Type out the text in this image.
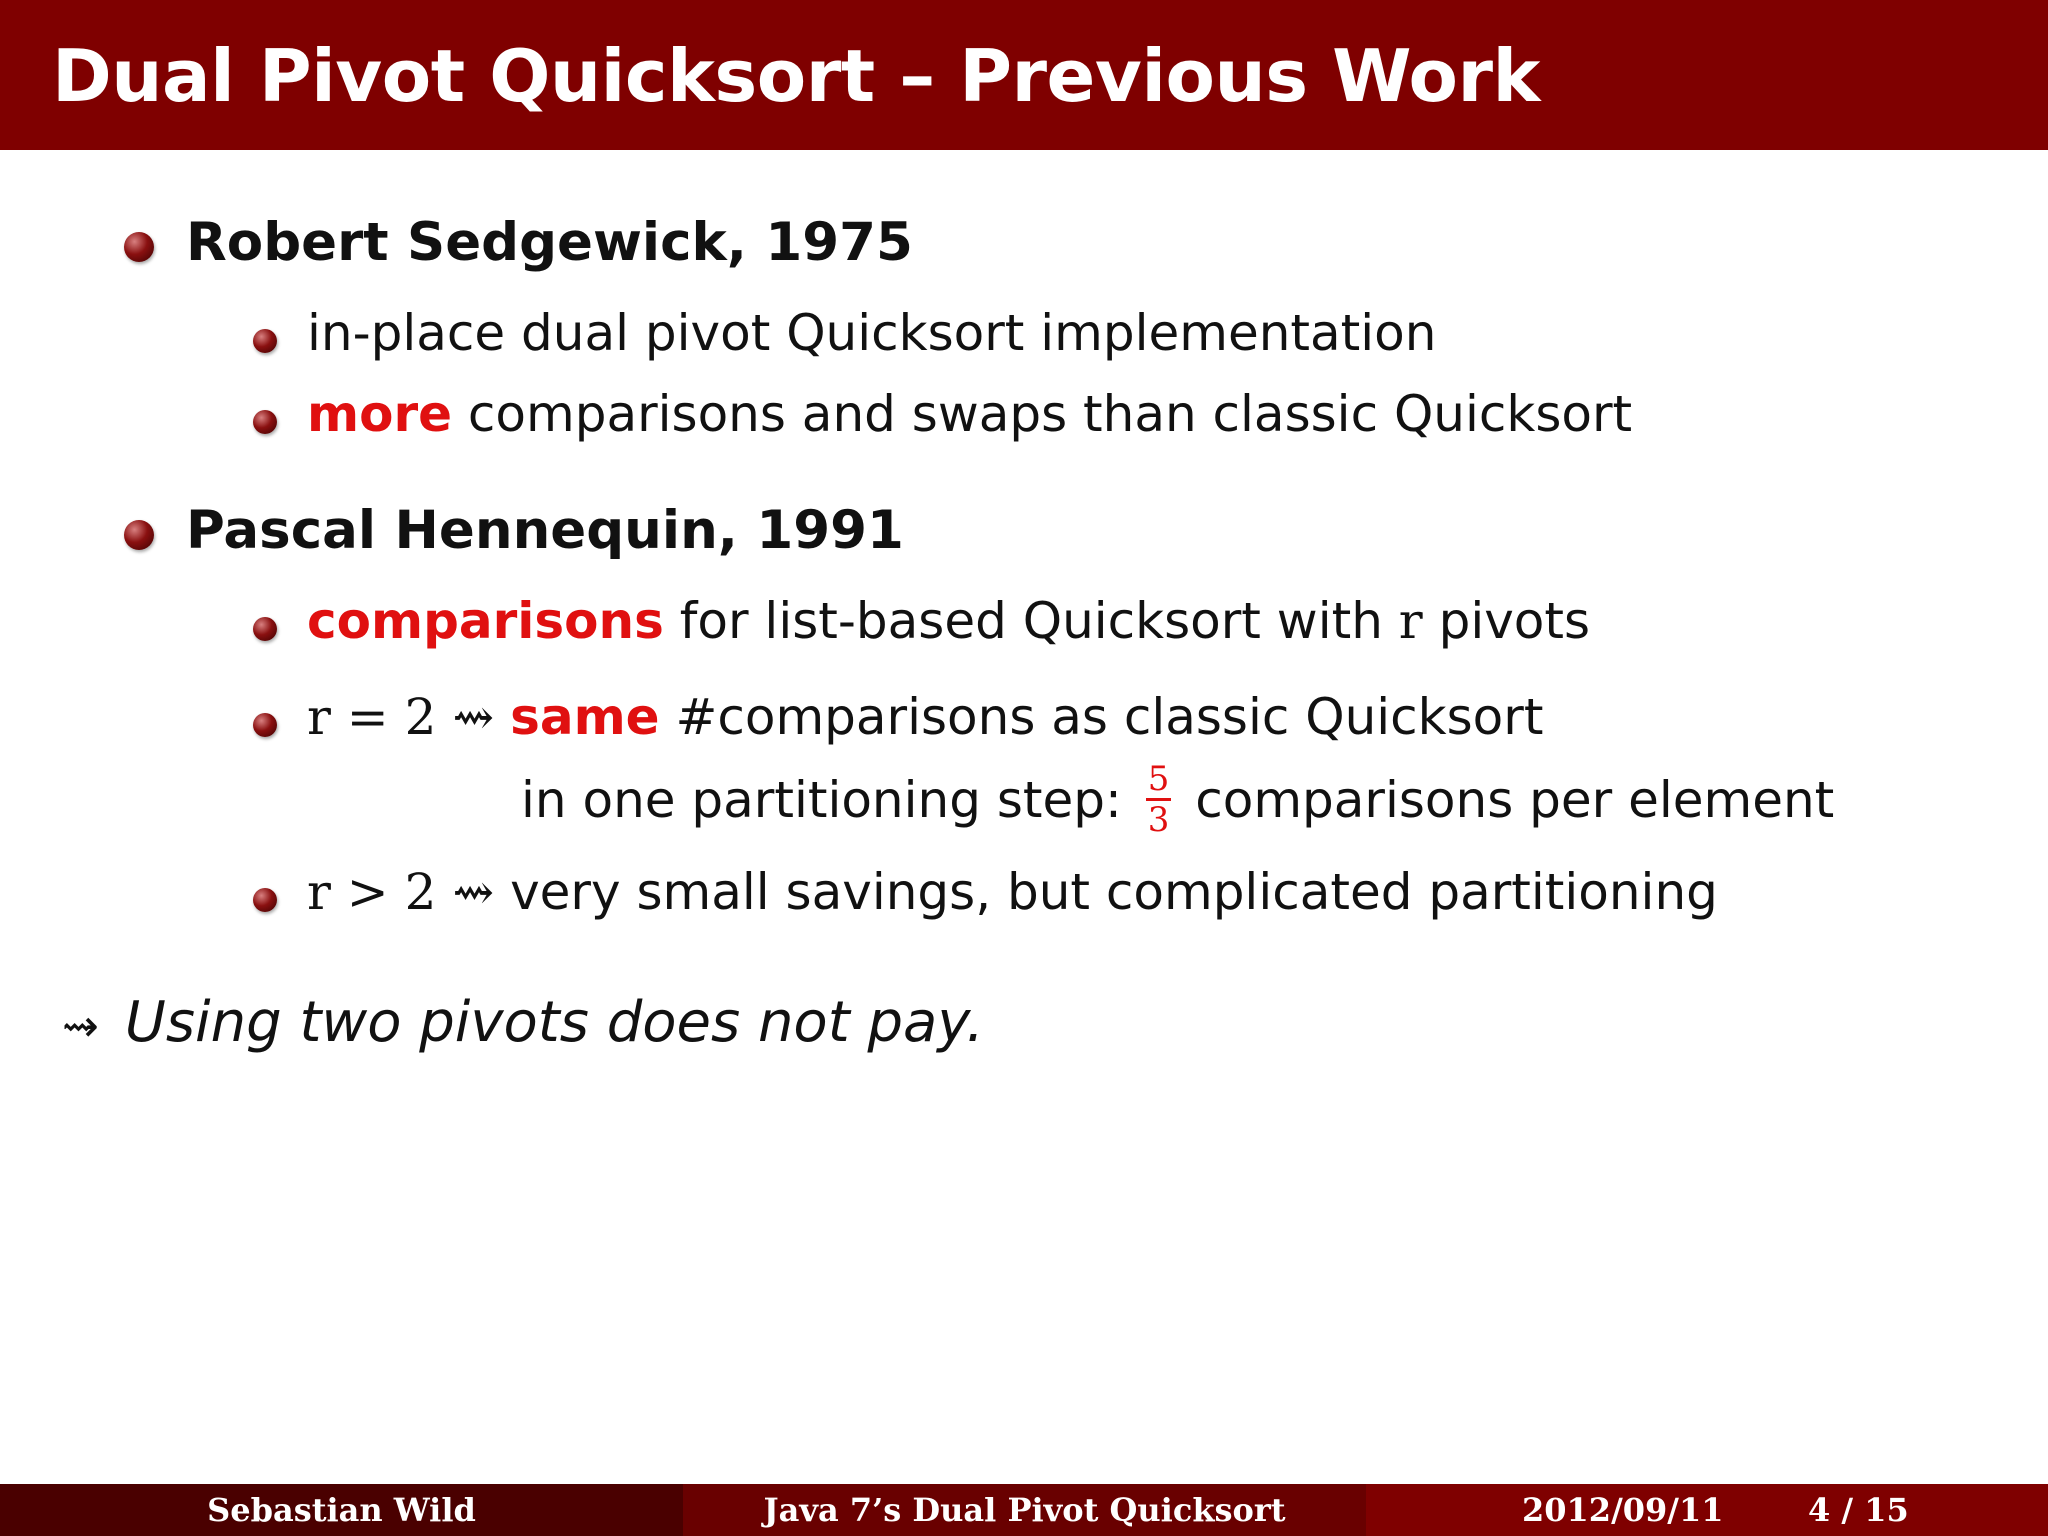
Dual Pivot Quicksort – Previous Work
Robert Sedgewick, 1975
in-place dual pivot Quicksort implementation
more comparisons and swaps than classic Quicksort
Pascal Hennequin, 1991
comparisons for list-based Quicksort with r pivots
r = 2 ⇝ same #comparisons as classic Quicksort
in one partitioning step: $\frac{5}{3}$ comparisons per element
r > 2 ⇝ very small savings, but complicated partitioning
⇝ Using two pivots does not pay.
Sebastian Wild	Java 7’s Dual Pivot Quicksort	2012/09/11	4 / 15
